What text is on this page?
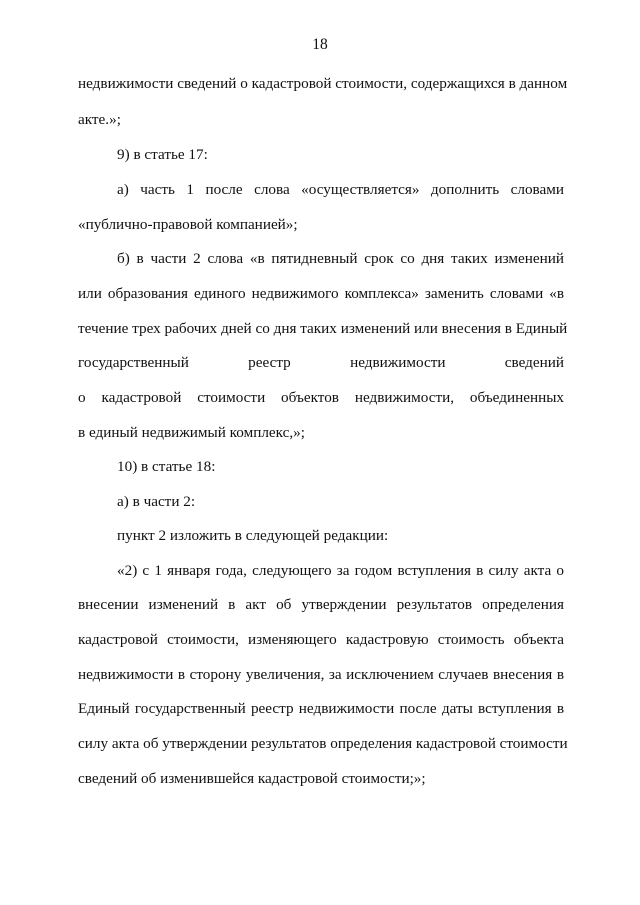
18
недвижимости сведений о кадастровой стоимости, содержащихся в данном
акте.»;
9) в статье 17:
а) часть 1 после слова «осуществляется» дополнить словами
«публично-правовой компанией»;
б) в части 2 слова «в пятидневный срок со дня таких изменений
или образования единого недвижимого комплекса» заменить словами «в
течение трех рабочих дней со дня таких изменений или внесения в Единый
государственный реестр недвижимости сведений
о кадастровой стоимости объектов недвижимости, объединенных
в единый недвижимый комплекс,»;
10) в статье 18:
а) в части 2:
пункт 2 изложить в следующей редакции:
«2) с 1 января года, следующего за годом вступления в силу акта о
внесении изменений в акт об утверждении результатов определения
кадастровой стоимости, изменяющего кадастровую стоимость объекта
недвижимости в сторону увеличения, за исключением случаев внесения в
Единый государственный реестр недвижимости после даты вступления в
силу акта об утверждении результатов определения кадастровой стоимости
сведений об изменившейся кадастровой стоимости;»;
